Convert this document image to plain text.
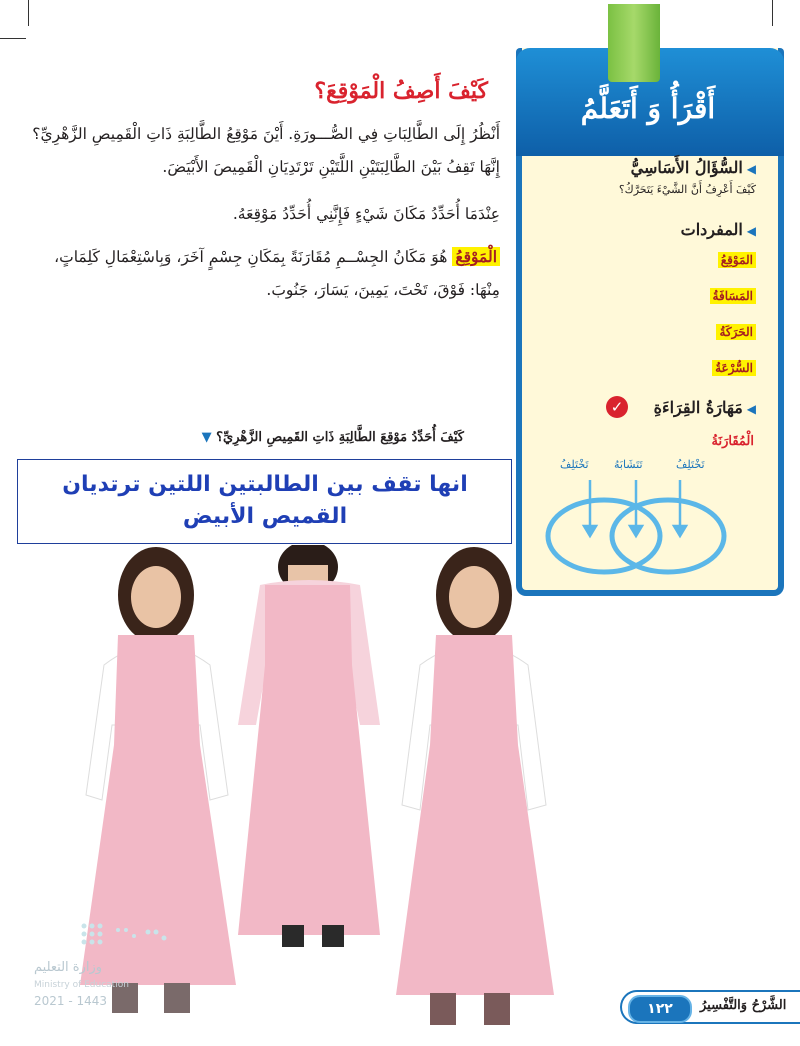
كَيْفَ أَصِفُ الْمَوْقِعَ؟
أَنْظُرُ إِلَى الطَّالِبَاتِ فِي الصُّـــورَةِ. أَيْنَ مَوْقِعُ الطَّالِبَةِ ذَاتِ الْقَمِيصِ الزَّهْرِيِّ؟ إِنَّهَا تَقِفُ بَيْنَ الطَّالِبَتَيْنِ اللَّتَيْنِ تَرْتَدِيَانِ الْقَمِيصَ الأَبْيَضَ.
عِنْدَمَا أُحَدِّدُ مَكَانَ شَيْءٍ فَإِنَّنِي أُحَدِّدُ مَوْقِعَهُ.
الْمَوْقِعُ هُوَ مَكَانُ الجِسْــمِ مُقَارَنَةً بِمَكَانِ جِسْمٍ آخَرَ، وَبِاسْتِعْمَالِ كَلِمَاتٍ، مِنْهَا: فَوْقَ، تَحْتَ، يَمِينَ، يَسَارَ، جَنُوبَ.
أَقْرَأُ وَ أَتَعَلَّمُ
◀السُّؤَالُ الأَسَاسِيُّ
كَيْفَ أَعْرِفُ أَنَّ الشَّيْءَ يَتَحَرَّكُ؟
◀المفردات
المَوْقِعُ
المَسَافَةُ
الحَرَكَةُ
السُّرْعَةُ
◀مَهَارَةُ القِرَاءَةِ
✓
الْمُقَارَنَةُ
تَخْتَلِفُ
تَتَشَابَهُ
تَخْتَلِفُ
كَيْفَ أُحَدِّدُ مَوْقِعَ الطَّالِبَةِ ذَاتِ القَمِيصِ الزَّهْرِيِّ؟ ▼
انها تقف بين الطالبتين اللتين ترتديان القميص الأبيض
وزارة التعليم
Ministry of Education
2021 - 1443	الشَّرْحُ وَالتَّفْسِيرُ
١٢٢
